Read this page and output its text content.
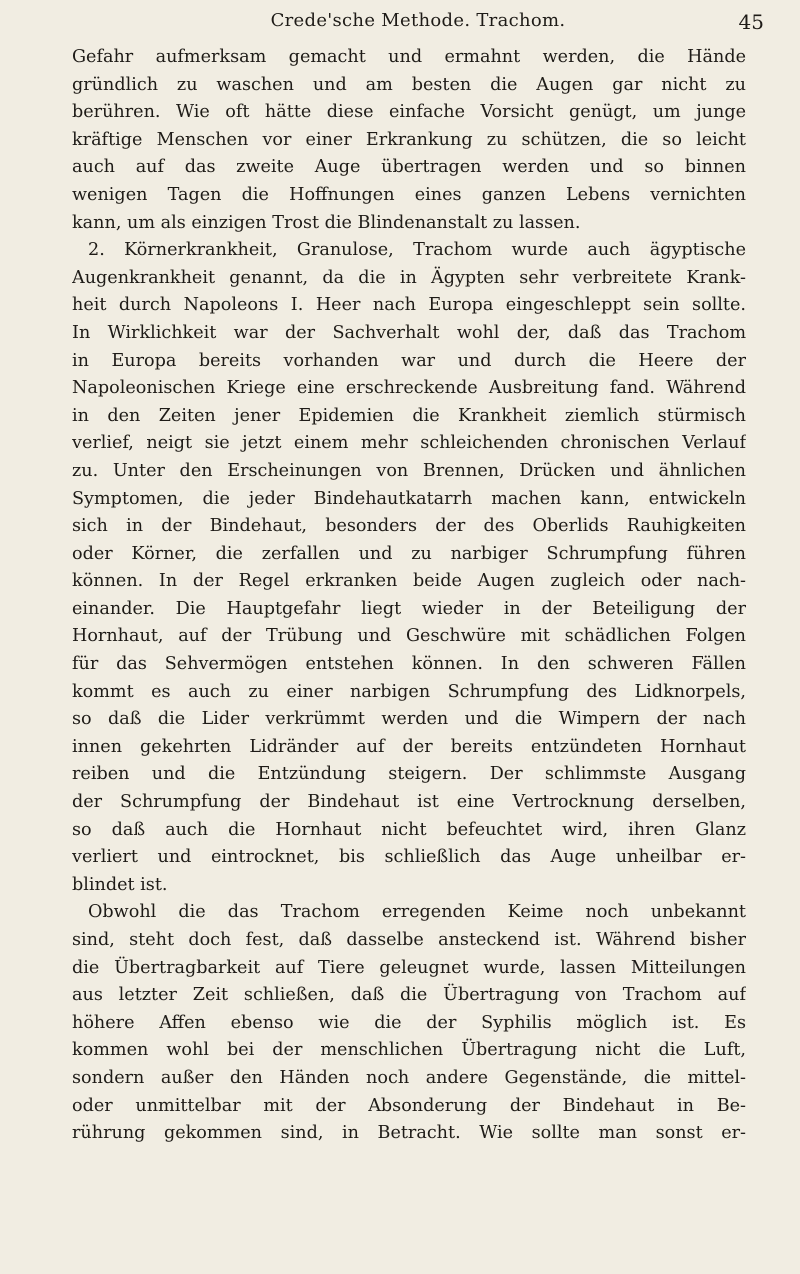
Crede'sche Methode. Trachom.	45
Gefahr aufmerksam gemacht und ermahnt werden, die Hände
gründlich zu waschen und am besten die Augen gar nicht zu
berühren. Wie oft hätte diese einfache Vorsicht genügt, um junge
kräftige Menschen vor einer Erkrankung zu schützen, die so leicht
auch auf das zweite Auge übertragen werden und so binnen
wenigen Tagen die Hoffnungen eines ganzen Lebens vernichten
kann, um als einzigen Trost die Blindenanstalt zu lassen.
2. Körnerkrankheit, Granulose, Trachom wurde auch ägyptische
Augenkrankheit genannt, da die in Ägypten sehr verbreitete Krank-
heit durch Napoleons I. Heer nach Europa eingeschleppt sein sollte.
In Wirklichkeit war der Sachverhalt wohl der, daß das Trachom
in Europa bereits vorhanden war und durch die Heere der
Napoleonischen Kriege eine erschreckende Ausbreitung fand. Während
in den Zeiten jener Epidemien die Krankheit ziemlich stürmisch
verlief, neigt sie jetzt einem mehr schleichenden chronischen Verlauf
zu. Unter den Erscheinungen von Brennen, Drücken und ähnlichen
Symptomen, die jeder Bindehautkatarrh machen kann, entwickeln
sich in der Bindehaut, besonders der des Oberlids Rauhigkeiten
oder Körner, die zerfallen und zu narbiger Schrumpfung führen
können. In der Regel erkranken beide Augen zugleich oder nach-
einander. Die Hauptgefahr liegt wieder in der Beteiligung der
Hornhaut, auf der Trübung und Geschwüre mit schädlichen Folgen
für das Sehvermögen entstehen können. In den schweren Fällen
kommt es auch zu einer narbigen Schrumpfung des Lidknorpels,
so daß die Lider verkrümmt werden und die Wimpern der nach
innen gekehrten Lidränder auf der bereits entzündeten Hornhaut
reiben und die Entzündung steigern. Der schlimmste Ausgang
der Schrumpfung der Bindehaut ist eine Vertrocknung derselben,
so daß auch die Hornhaut nicht befeuchtet wird, ihren Glanz
verliert und eintrocknet, bis schließlich das Auge unheilbar er-
blindet ist.
Obwohl die das Trachom erregenden Keime noch unbekannt
sind, steht doch fest, daß dasselbe ansteckend ist. Während bisher
die Übertragbarkeit auf Tiere geleugnet wurde, lassen Mitteilungen
aus letzter Zeit schließen, daß die Übertragung von Trachom auf
höhere Affen ebenso wie die der Syphilis möglich ist. Es
kommen wohl bei der menschlichen Übertragung nicht die Luft,
sondern außer den Händen noch andere Gegenstände, die mittel-
oder unmittelbar mit der Absonderung der Bindehaut in Be-
rührung gekommen sind, in Betracht. Wie sollte man sonst er-
